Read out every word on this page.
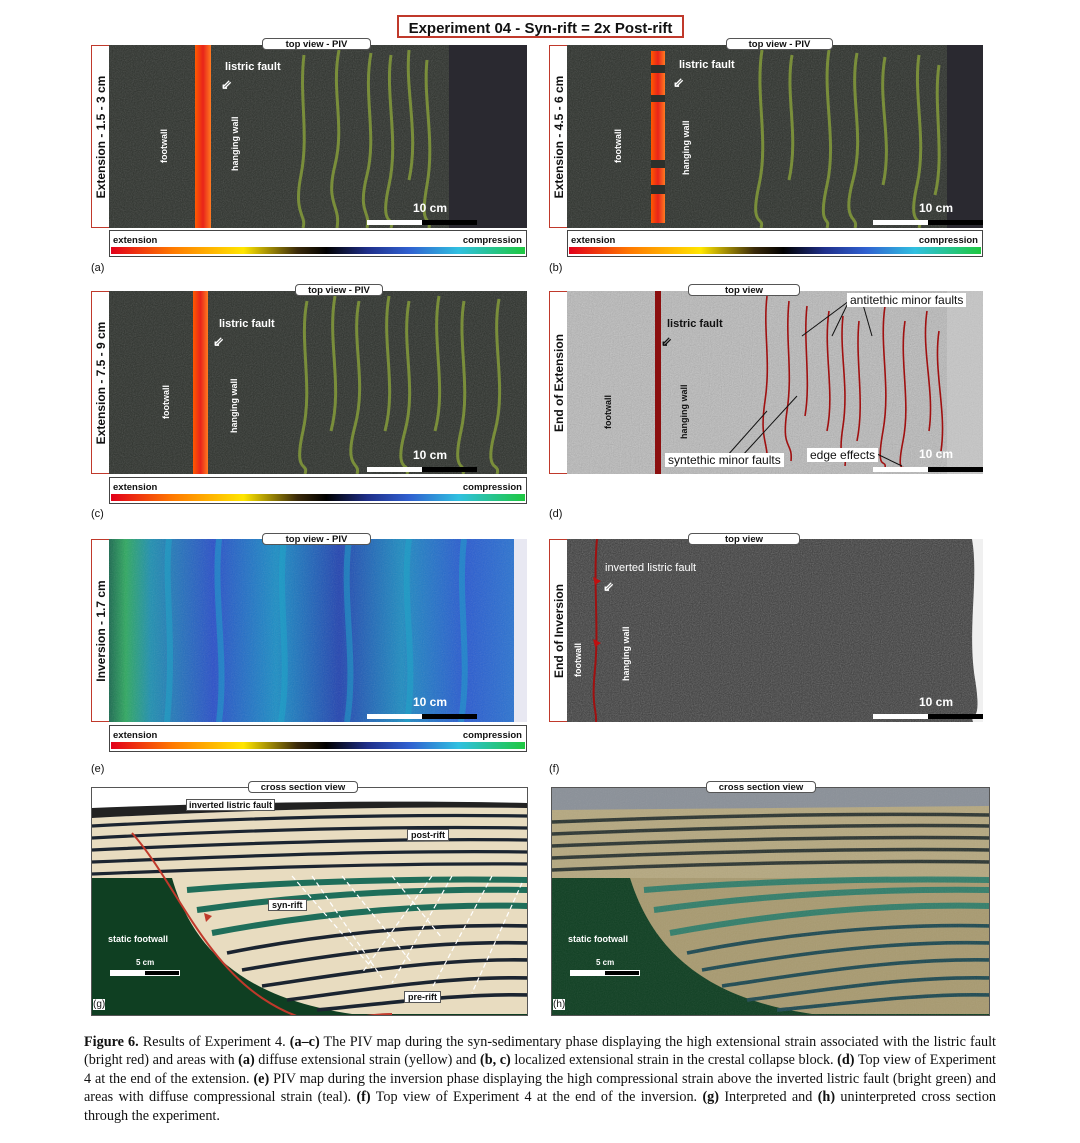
Experiment 04 - Syn-rift = 2x Post-rift
Extension - 1.5 - 3 cm
listric fault
⇙
footwall	hanging wall
10 cm
top view - PIV
extension	compression
(a)
Extension - 4.5 - 6 cm
listric fault
⇙
footwall	hanging wall
10 cm
top view - PIV
extension	compression
(b)
Extension - 7.5 - 9 cm	listric fault
⇙
footwall	hanging wall
10 cm
top view - PIV
extension	compression
(c)
End of Extension
listric fault
⇙
footwall	hanging wall
antitethic minor faults
syntethic minor faults edge effects	10 cm
top view
(d)
Inversion - 1.7 cm
10 cm
top view - PIV
extension	compression
(e)
End of Inversion
inverted listric fault
⇙
footwall	hanging wall
10 cm
top view
(f)
inverted listric fault
post-rift
syn-rift
pre-rift
static footwall
5 cm
(g)
cross section view
static footwall
5 cm
(h)
cross section view
Figure 6. Results of Experiment 4. (a–c) The PIV map during the syn-sedimentary phase displaying the high extensional strain associated with the listric fault (bright red) and areas with (a) diffuse extensional strain (yellow) and (b, c) localized extensional strain in the crestal collapse block. (d) Top view of Experiment 4 at the end of the extension. (e) PIV map during the inversion phase displaying the high compressional strain above the inverted listric fault (bright green) and areas with diffuse compressional strain (teal). (f) Top view of Experiment 4 at the end of the inversion. (g) Interpreted and (h) uninterpreted cross section through the experiment.
